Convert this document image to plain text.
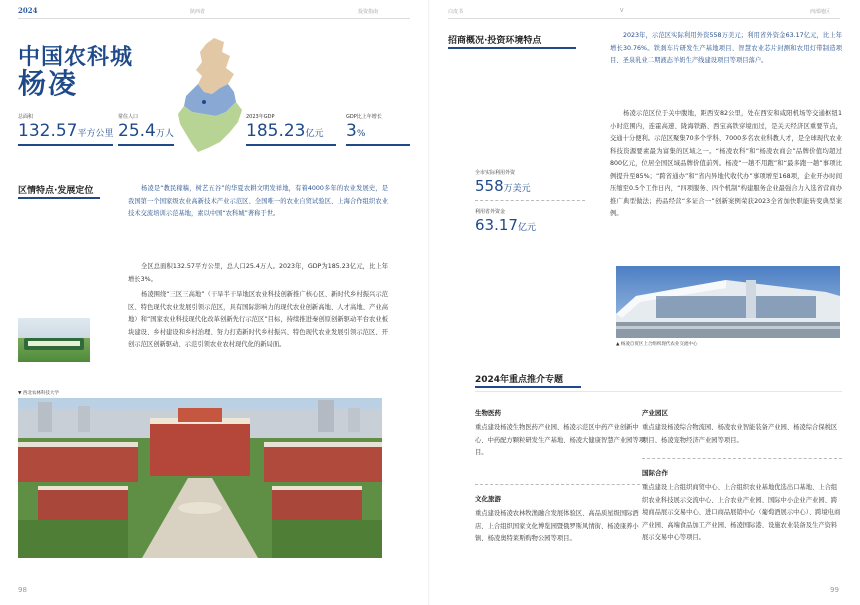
2024	陕西省	投资指南
中国农科城
杨凌
总面积
132.57平方公里
常住人口
25.4万人
2023年GDP
185.23亿元
GDP比上年增长
3%
区情特点·发展定位	杨凌是“教民稼穑，树艺五谷”的华夏农耕文明发祥地，有着4000多年的农业发展史，是我国第一个国家级农业高新技术产业示范区、全国唯一的农业自贸试验区、上海合作组织农业技术交流培训示范基地，素以中国“农科城”著称于世。
全区总面积132.57平方公里，总人口25.4万人。2023年，GDP为185.23亿元，比上年增长3%。
杨凌围绕“三区三高地”（干旱半干旱地区农业科技创新推广核心区、新时代乡村振兴示范区、特色现代农业发展引领示范区，具有国际影响力的现代农业创新高地、人才高地、产业高地）和“国家农业科技现代化改革创新先行示范区”目标，持续推进秦创原创新驱动平台农业板块建设、乡村建设和乡村治理、努力打造新时代乡村振兴、特色现代农业发展引领示范区、开创示范区创新驱动、示范引领农业农村现代化的新局面。
▼ 西北农林科技大学
98
白皮书	V	西部地区
招商概况·投资环境特点
2023年，示范区实际利用外资558万美元；利用省外资金63.17亿元，比上年增长30.76%。铁刹车片研发生产基地项目、智慧农业芯片封测和农用灯带制造项目、圣泉乳业二期液态羊奶生产线建设项目等项目落户。
杨凌示范区位于关中腹地，距西安82公里，处在西安和咸阳机场等交通枢纽1小时范围内，连霍高速、陇海铁路、西宝高铁穿境而过，是关天经济区重要节点，交通十分便利。示范区聚集70多个学科、7000多名农业科教人才，是全球现代农业科技资源要素最为富集的区域之一。“杨凌农科”和“杨凌农商会”品牌价值均超过800亿元，位居全国区域品牌价值前列。杨凌“一趟不用跑”和“最多跑一趟”事项比例提升至85%；“跨省通办”和“省内异地代收代办”事项增至168项，企业开办时间压缩至0.5个工作日内，“四项服务、四个机制”构建服务企业最强合力入选省营商办推广典型做法；药品经营“多证合一”创新案例荣获2023全省加快职能转变典型案例。
全市实际利用外资
558万美元
利用省外资金
63.17亿元
▲ 杨凌自贸区上合组织现代农业交流中心
2024年重点推介专题
生物医药
重点建设杨凌生物医药产业园、杨凌示范区中药产业创新中心、中药配方颗粒研发生产基地、杨凌大健康智慧产业园等项目。
文化旅游
重点建设杨凌农林牧渔融合发展体验区、高品质星级国际酒店、上合组织国家文化博览园暨俄罗斯风情街、杨凌康养小镇、杨凌奥特莱斯购物公园等项目。
产业园区
重点建设杨凌综合物流园、杨凌农业智能装备产业园、杨凌综合保税区项目、杨凌宠物经济产业园等项目。
国际合作
重点建设上合组织商贸中心、上合组织农业基地优选出口基地、上合组织农业科技展示交流中心、上合农业产业园、国际中小企业产业园、跨境商品展示交易中心、进口商品展销中心（葡萄酒展示中心）、跨境电商产业园、高端食品加工产业园、杨凌国际港、设施农业装备及生产资料展示交易中心等项目。
99
